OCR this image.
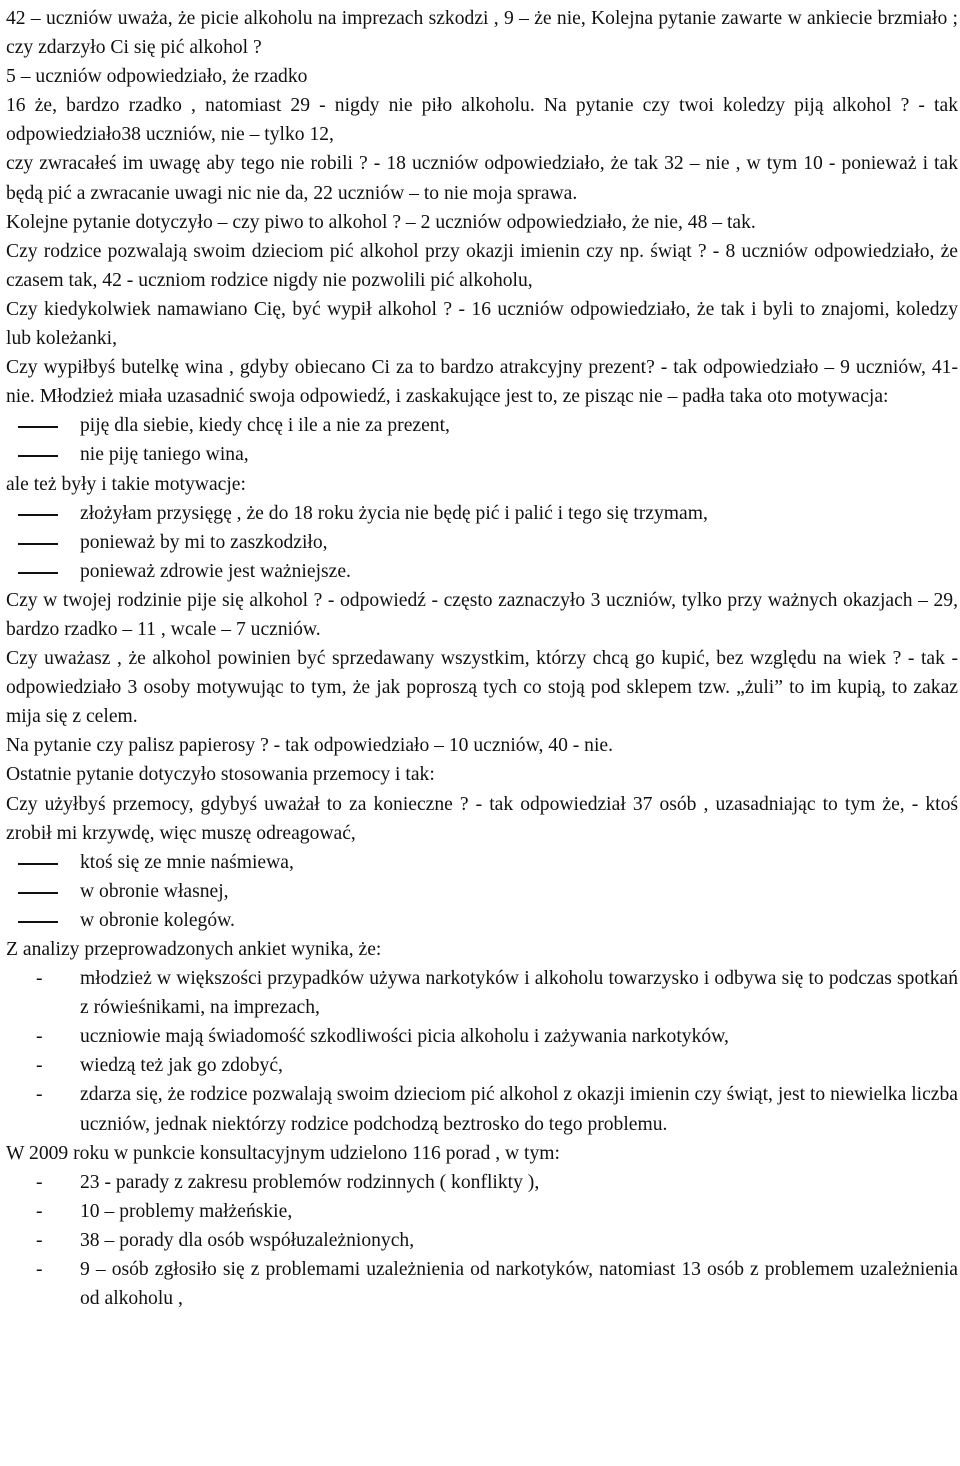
42 – uczniów uważa, że picie alkoholu na imprezach szkodzi , 9 – że nie, Kolejna pytanie zawarte w ankiecie brzmiało ; czy zdarzyło Ci się pić alkohol ?

5 – uczniów odpowiedziało, że rzadko

16 że, bardzo rzadko , natomiast 29 - nigdy nie piło alkoholu. Na pytanie czy twoi koledzy piją alkohol ? - tak odpowiedziało38 uczniów, nie – tylko 12,

czy zwracałeś im uwagę aby tego nie robili ? - 18 uczniów odpowiedziało, że tak 32 – nie , w tym 10 - ponieważ i tak będą pić a zwracanie uwagi nic nie da, 22 uczniów – to nie moja sprawa.

Kolejne pytanie dotyczyło – czy piwo to alkohol ? – 2 uczniów odpowiedziało, że nie, 48 – tak.

Czy rodzice pozwalają swoim dzieciom pić alkohol przy okazji imienin czy np. świąt ? - 8 uczniów odpowiedziało, że czasem tak, 42 - uczniom rodzice nigdy nie pozwolili pić alkoholu,

Czy kiedykolwiek namawiano Cię, być wypił alkohol ? - 16 uczniów odpowiedziało, że tak i byli to znajomi, koledzy lub koleżanki,

Czy wypiłbyś butelkę wina , gdyby obiecano Ci za to bardzo atrakcyjny prezent? - tak odpowiedziało – 9 uczniów, 41- nie. Młodzież miała uzasadnić swoja odpowiedź, i zaskakujące jest to, ze pisząc nie – padła taka oto motywacja:

piję dla siebie, kiedy chcę i ile a nie za prezent,

nie piję taniego wina,

ale też były i takie motywacje:

złożyłam przysięgę , że do 18 roku życia nie będę pić i palić i tego się trzymam,

ponieważ by mi to zaszkodziło,

ponieważ zdrowie jest ważniejsze.

Czy w twojej rodzinie pije się alkohol ? - odpowiedź - często zaznaczyło 3 uczniów, tylko przy ważnych okazjach – 29, bardzo rzadko – 11 , wcale – 7 uczniów.

Czy uważasz , że alkohol powinien być sprzedawany wszystkim, którzy chcą go kupić, bez względu na wiek ? - tak - odpowiedziało 3 osoby motywując to tym, że jak poproszą tych co stoją pod sklepem tzw. „żuli” to im kupią, to zakaz mija się z celem.

Na pytanie czy palisz papierosy ? - tak odpowiedziało – 10 uczniów, 40 - nie.

Ostatnie pytanie dotyczyło stosowania przemocy i tak:

Czy użyłbyś przemocy, gdybyś uważał to za konieczne ? - tak odpowiedział 37 osób , uzasadniając to tym że, - ktoś zrobił mi krzywdę, więc muszę odreagować,

ktoś się ze mnie naśmiewa,

w obronie własnej,

w obronie kolegów.

Z analizy przeprowadzonych ankiet wynika, że:

- młodzież w większości przypadków używa narkotyków i alkoholu towarzysko i odbywa się to podczas spotkań z rówieśnikami, na imprezach,

- uczniowie mają świadomość szkodliwości picia alkoholu i zażywania narkotyków,

- wiedzą też jak go zdobyć,

- zdarza się, że rodzice pozwalają swoim dzieciom pić alkohol z okazji imienin czy świąt, jest to niewielka liczba uczniów, jednak niektórzy rodzice podchodzą beztrosko do tego problemu.

W 2009 roku w punkcie konsultacyjnym udzielono 116 porad , w tym:

- 23 - parady z zakresu problemów rodzinnych ( konflikty ),

- 10 – problemy małżeńskie,

- 38 – porady dla osób współuzależnionych,

- 9 – osób zgłosiło się z problemami uzależnienia od narkotyków, natomiast 13 osób z problemem uzależnienia od alkoholu ,
